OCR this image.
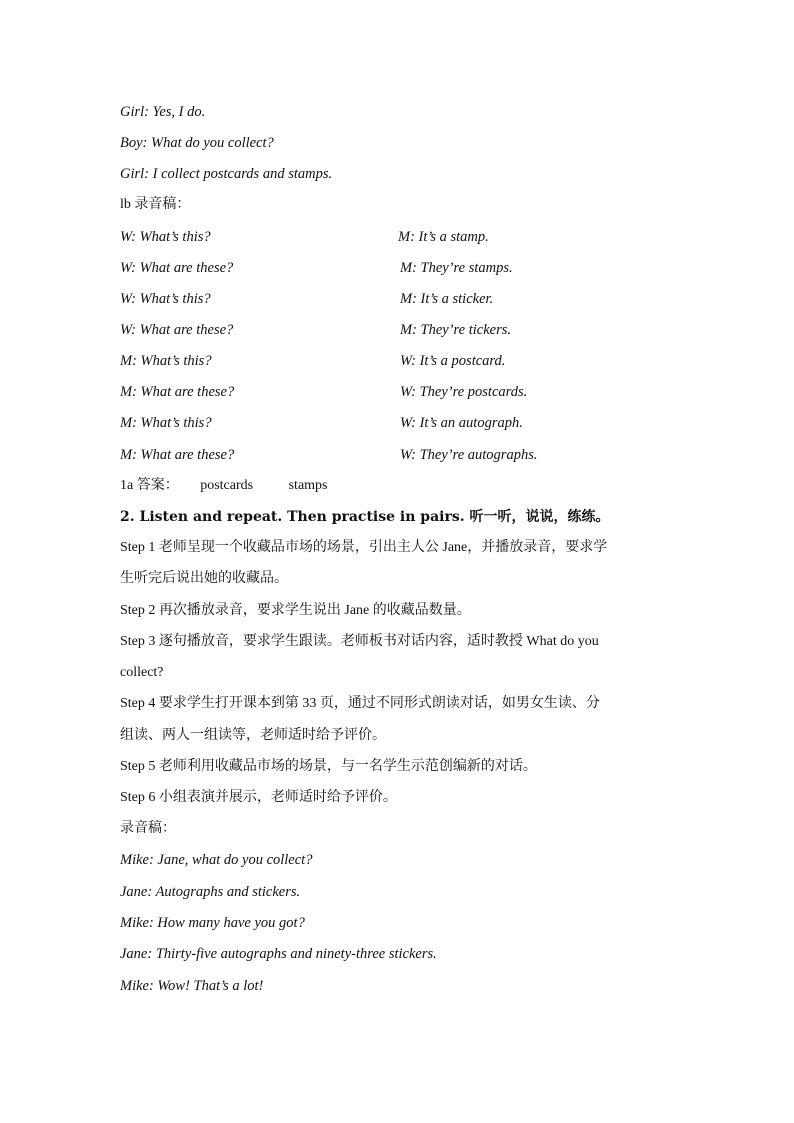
Girl: Yes, I do.
Boy: What do you collect?
Girl: I collect postcards and stamps.
lb 录音稿：
W: What’s this?	M: It’s a stamp.
W: What are these?	M: They’re stamps.
W: What’s this?	M: It’s a sticker.
W: What are these?	M: They’re tickers.
M: What’s this?	W: It’s a postcard.
M: What are these?	W: They’re postcards.
M: What’s this?	W: It’s an autograph.
M: What are these?	W: They’re autographs.
1a 答案： postcards	stamps
2. Listen and repeat. Then practise in pairs. 听一听，说说，练练。
Step 1 老师呈现一个收藏品市场的场景，引出主人公 Jane，并播放录音，要求学
生听完后说出她的收藏品。
Step 2 再次播放录音，要求学生说出 Jane 的收藏品数量。
Step 3 逐句播放音，要求学生跟读。老师板书对话内容，适时教授 What do you
collect?
Step 4 要求学生打开课本到第 33 页，通过不同形式朗读对话，如男女生读、分
组读、两人一组读等，老师适时给予评价。
Step 5 老师利用收藏品市场的场景，与一名学生示范创编新的对话。
Step 6 小组表演并展示，老师适时给予评价。
录音稿：
Mike: Jane, what do you collect?
Jane: Autographs and stickers.
Mike: How many have you got?
Jane: Thirty-five autographs and ninety-three stickers.
Mike: Wow! That’s a lot!
